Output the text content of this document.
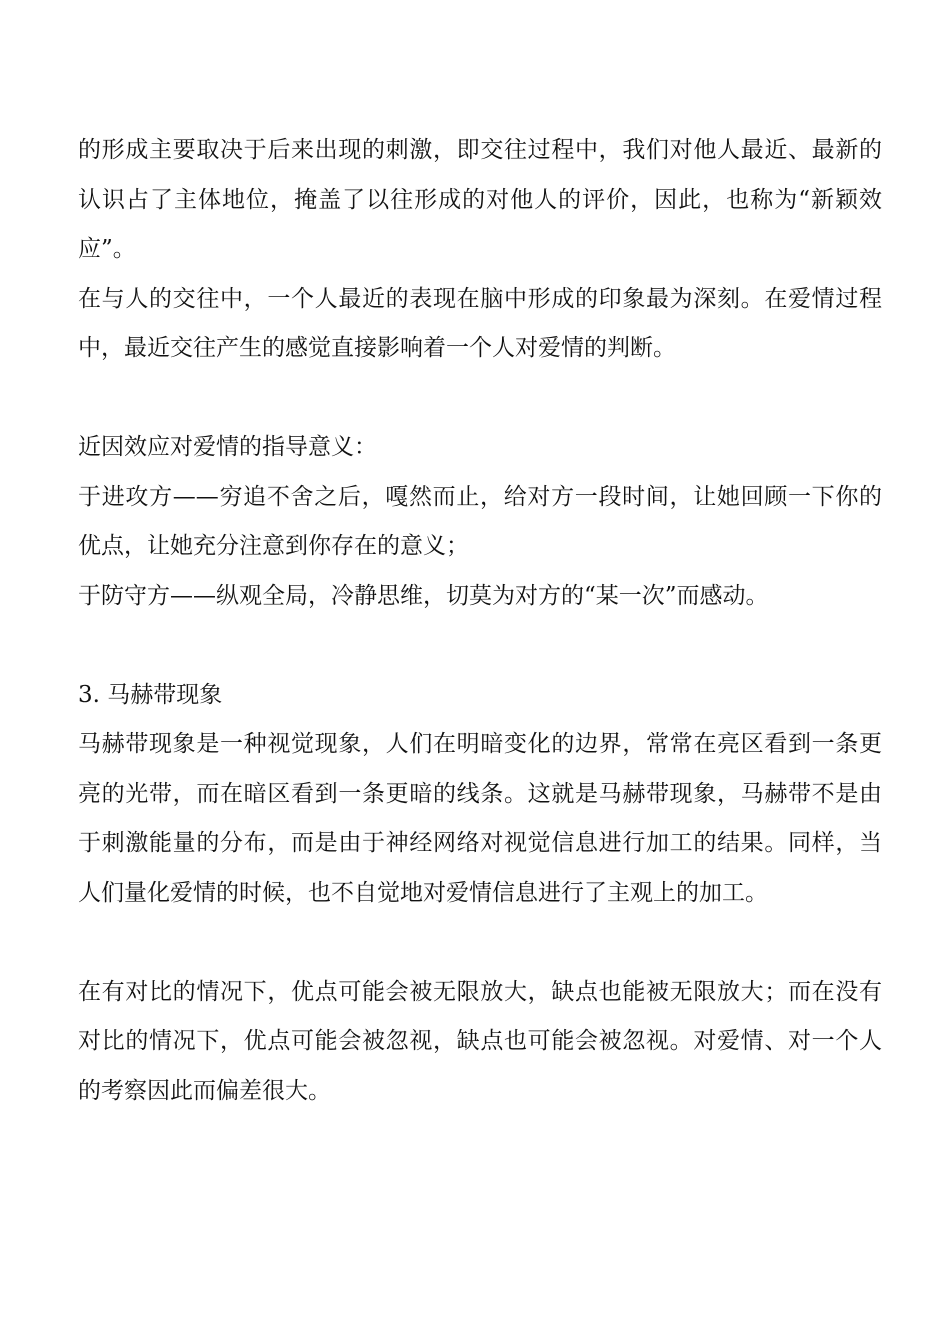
的形成主要取决于后来出现的刺激，即交往过程中，我们对他人最近、最新的认识占了主体地位，掩盖了以往形成的对他人的评价，因此，也称为“新颖效应”。

在与人的交往中，一个人最近的表现在脑中形成的印象最为深刻。在爱情过程中，最近交往产生的感觉直接影响着一个人对爱情的判断。

近因效应对爱情的指导意义：

于进攻方——穷追不舍之后，嘎然而止，给对方一段时间，让她回顾一下你的优点，让她充分注意到你存在的意义；

于防守方——纵观全局，冷静思维，切莫为对方的“某一次”而感动。

3. 马赫带现象

马赫带现象是一种视觉现象，人们在明暗变化的边界，常常在亮区看到一条更亮的光带，而在暗区看到一条更暗的线条。这就是马赫带现象，马赫带不是由于刺激能量的分布，而是由于神经网络对视觉信息进行加工的结果。同样，当人们量化爱情的时候，也不自觉地对爱情信息进行了主观上的加工。

在有对比的情况下，优点可能会被无限放大，缺点也能被无限放大；而在没有对比的情况下，优点可能会被忽视，缺点也可能会被忽视。对爱情、对一个人的考察因此而偏差很大。
